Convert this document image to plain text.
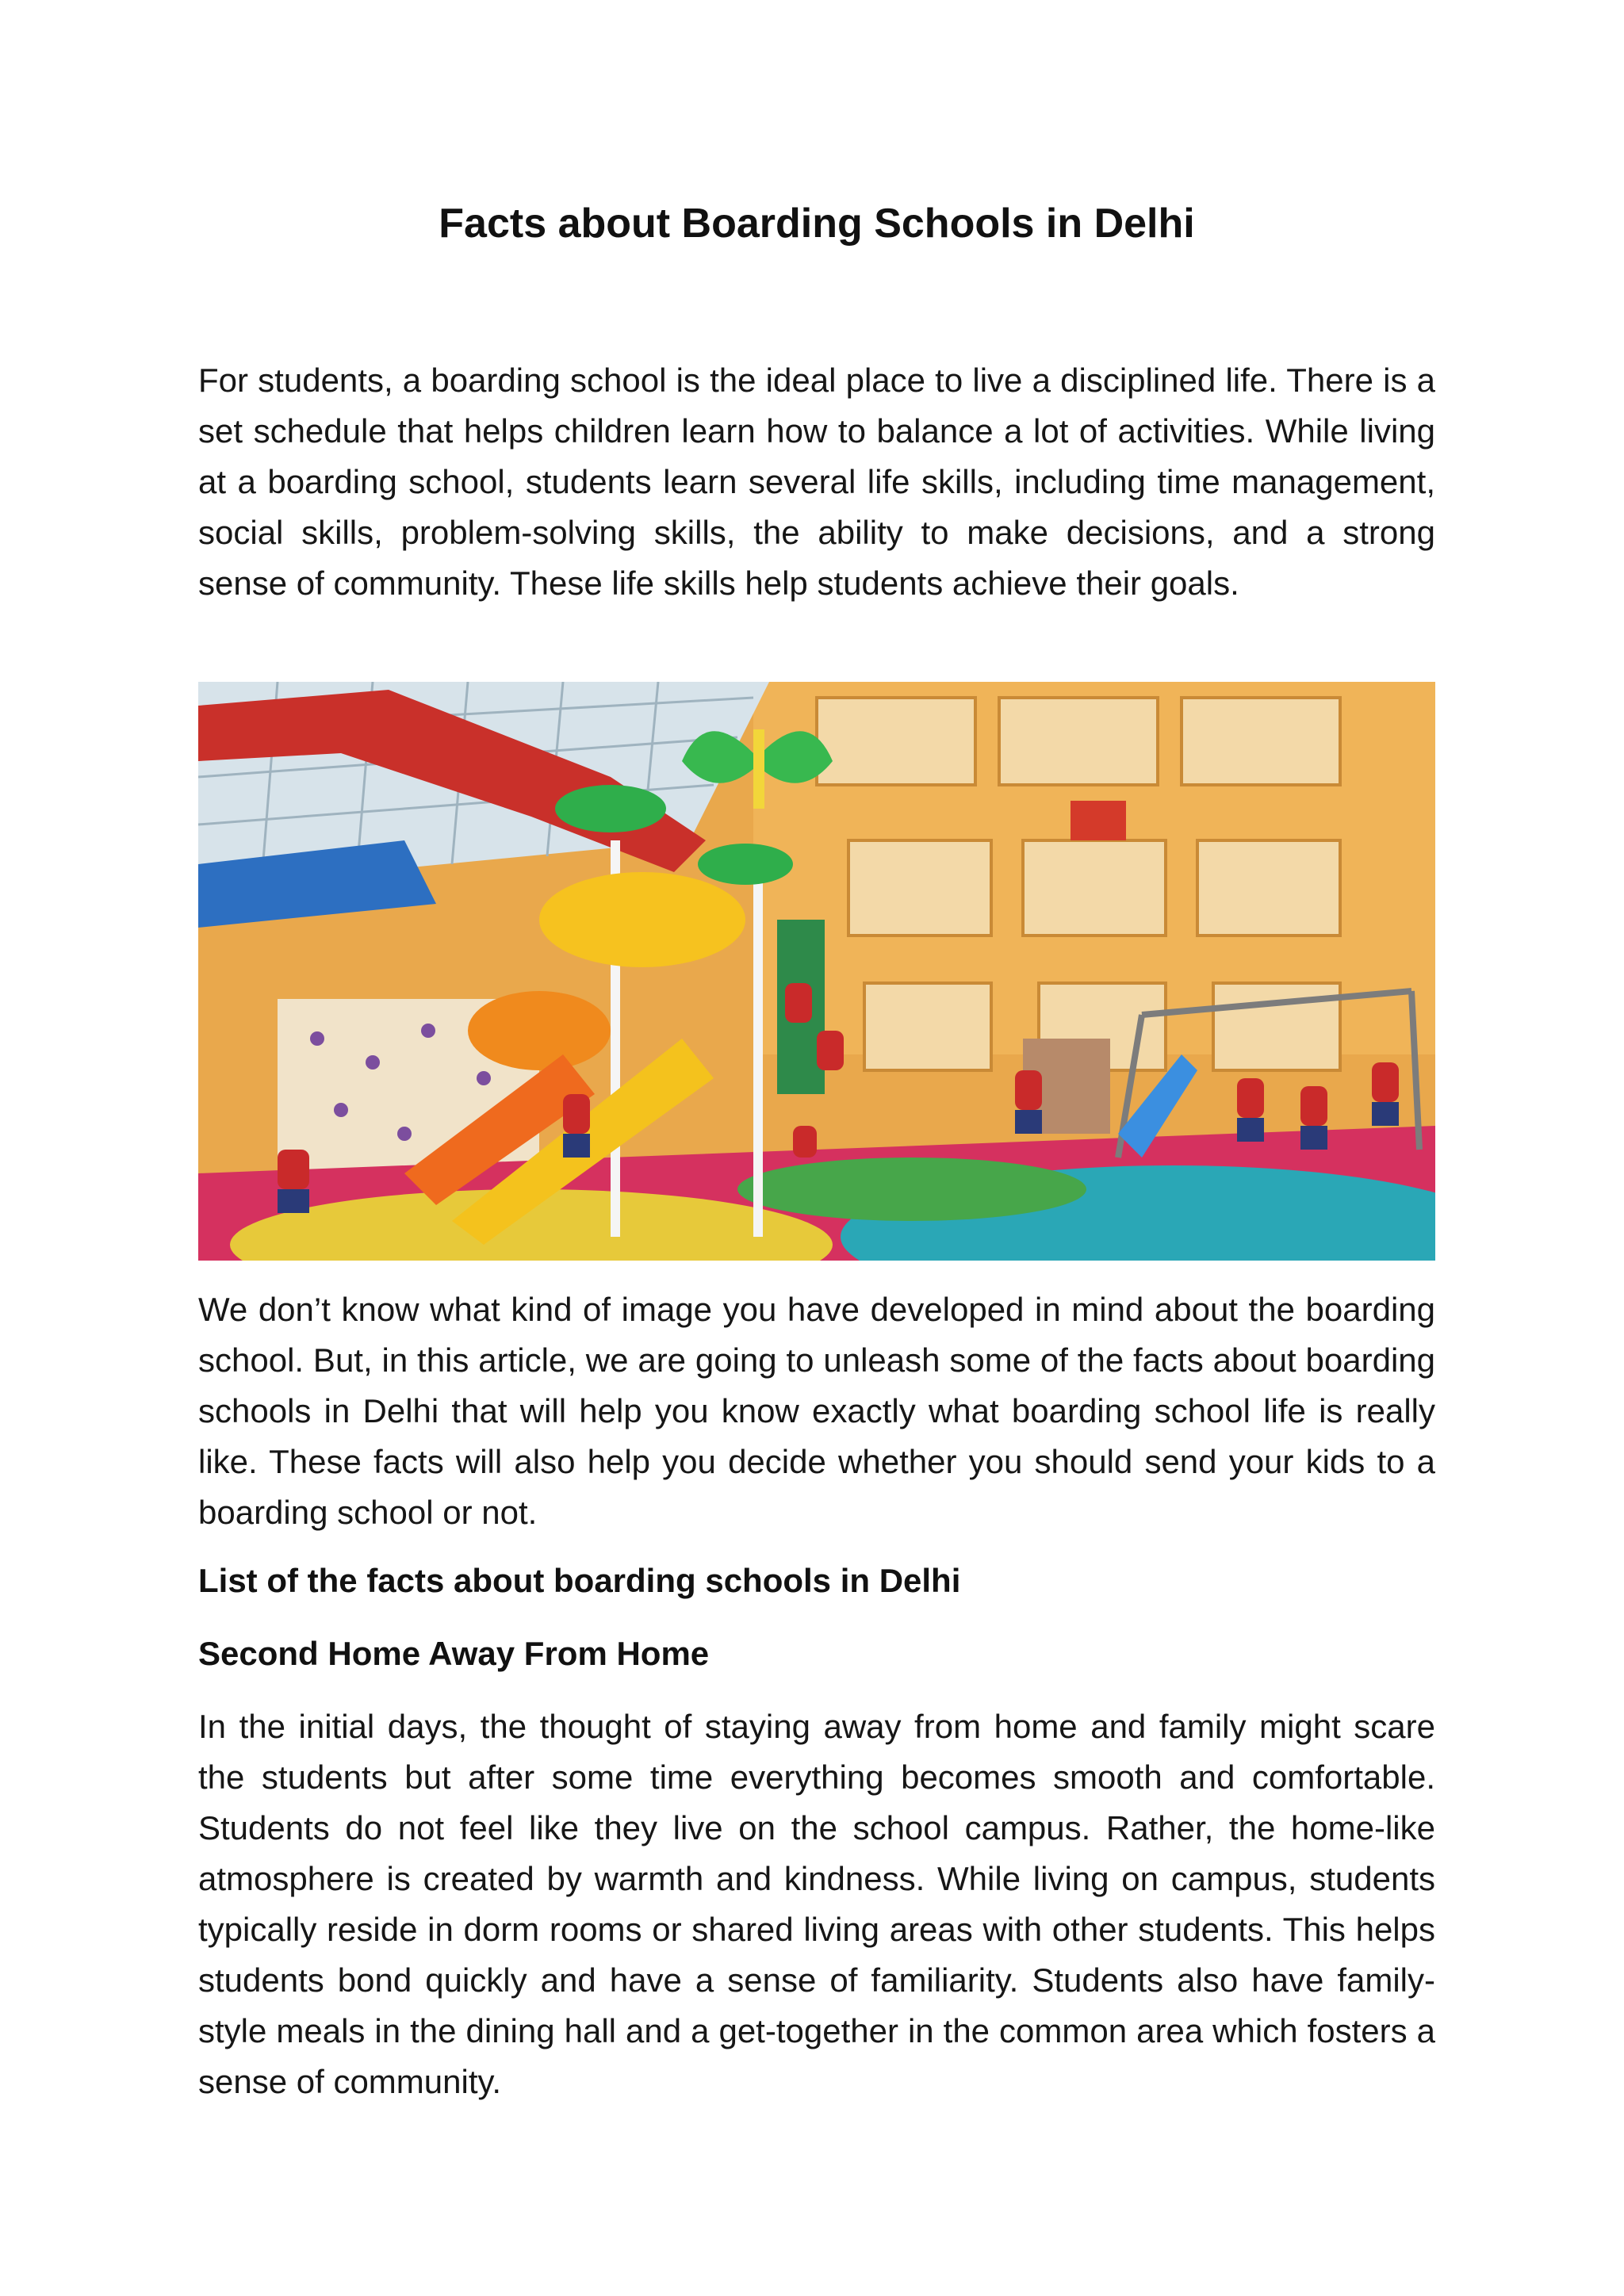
Facts about Boarding Schools in Delhi

For students, a boarding school is the ideal place to live a disciplined life. There is a set schedule that helps children learn how to balance a lot of activities. While living at a boarding school, students learn several life skills, including time management, social skills, problem-solving skills, the ability to make decisions, and a strong sense of community. These life skills help students achieve their goals.

We don’t know what kind of image you have developed in mind about the boarding school. But, in this article, we are going to unleash some of the facts about boarding schools in Delhi that will help you know exactly what boarding school life is really like. These facts will also help you decide whether you should send your kids to a boarding school or not.

List of the facts about boarding schools in Delhi
Second Home Away From Home

In the initial days, the thought of staying away from home and family might scare the students but after some time everything becomes smooth and comfortable. Students do not feel like they live on the school campus. Rather, the home-like atmosphere is created by warmth and kindness. While living on campus, students typically reside in dorm rooms or shared living areas with other students. This helps students bond quickly and have a sense of familiarity. Students also have family-style meals in the dining hall and a get-together in the common area which fosters a sense of community.
